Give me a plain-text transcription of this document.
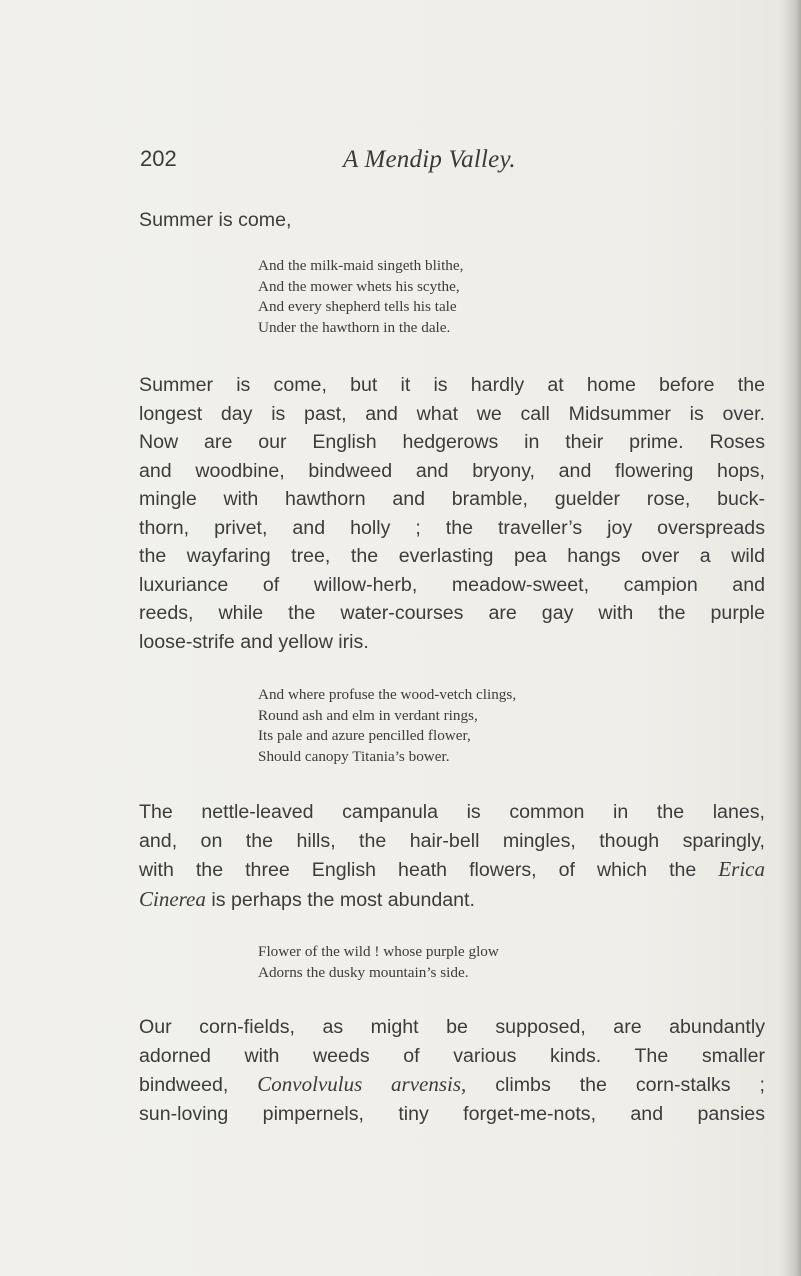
202	A Mendip Valley.

Summer is come,

And the milk-maid singeth blithe,
And the mower whets his scythe,
And every shepherd tells his tale
Under the hawthorn in the dale.

Summer is come, but it is hardly at home before the
longest day is past, and what we call Midsummer is over.
Now are our English hedgerows in their prime. Roses
and woodbine, bindweed and bryony, and flowering hops,
mingle with hawthorn and bramble, guelder rose, buck-
thorn, privet, and holly ; the traveller’s joy overspreads
the wayfaring tree, the everlasting pea hangs over a wild
luxuriance of willow-herb, meadow-sweet, campion and
reeds, while the water-courses are gay with the purple
loose-strife and yellow iris.

And where profuse the wood-vetch clings,
Round ash and elm in verdant rings,
Its pale and azure pencilled flower,
Should canopy Titania’s bower.

The nettle-leaved campanula is common in the lanes,
and, on the hills, the hair-bell mingles, though sparingly,
with the three English heath flowers, of which the Erica
Cinerea is perhaps the most abundant.

Flower of the wild ! whose purple glow
Adorns the dusky mountain’s side.

Our corn-fields, as might be supposed, are abundantly
adorned with weeds of various kinds. The smaller
bindweed, Convolvulus arvensis, climbs the corn-stalks ;
sun-loving pimpernels, tiny forget-me-nots, and pansies
